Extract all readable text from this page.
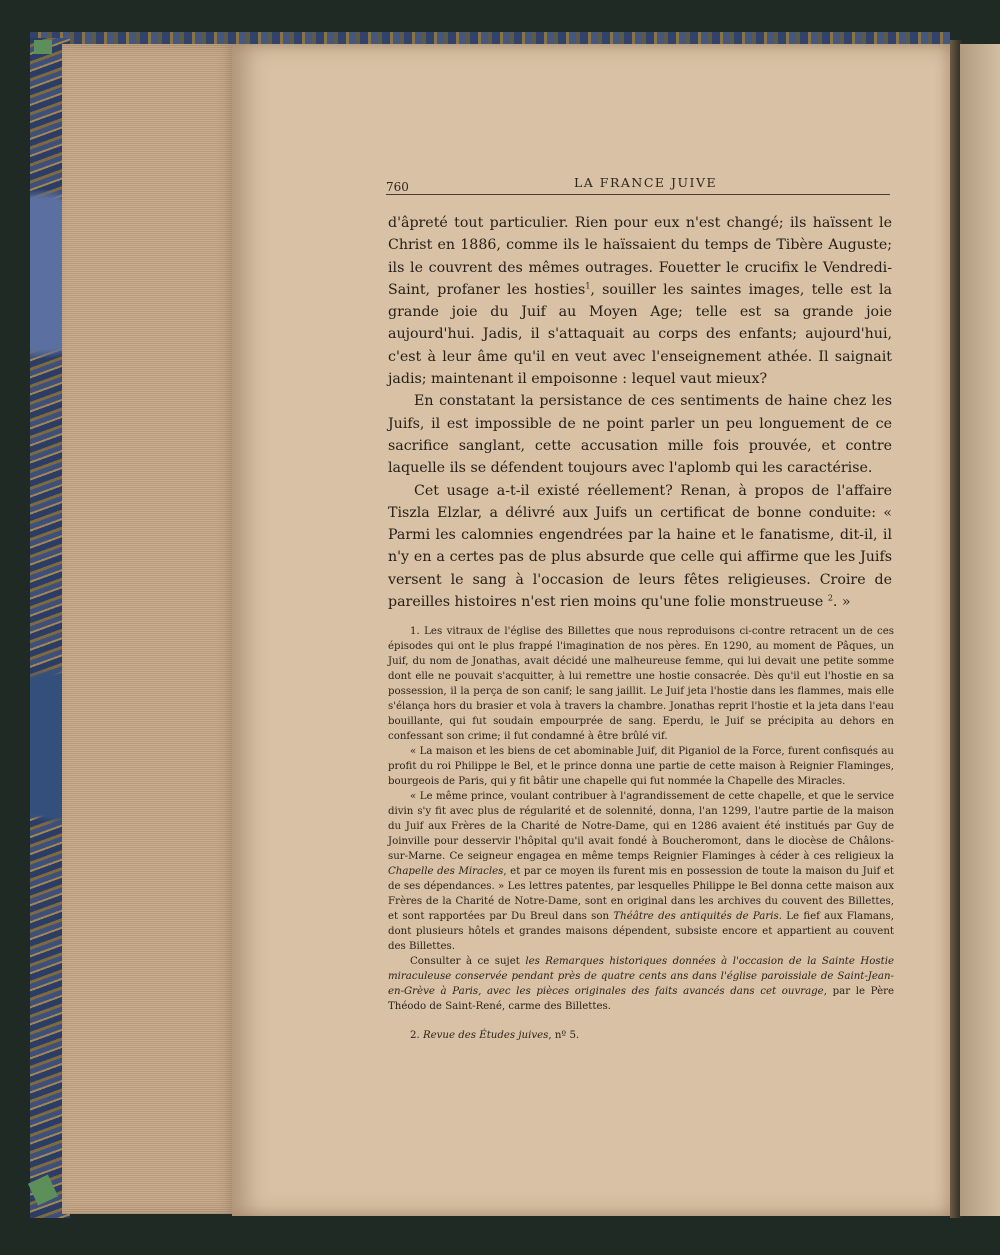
760	LA FRANCE JUIVE

d'âpreté tout particulier. Rien pour eux n'est changé; ils haïssent le Christ en 1886, comme ils le haïssaient du temps de Tibère Auguste; ils le couvrent des mêmes outrages. Fouetter le crucifix le Vendredi-Saint, profaner les hosties$^1$, souiller les saintes images, telle est la grande joie du Juif au Moyen Age; telle est sa grande joie aujourd'hui. Jadis, il s'attaquait au corps des enfants; aujourd'hui, c'est à leur âme qu'il en veut avec l'enseignement athée. Il saignait jadis; maintenant il empoisonne : lequel vaut mieux?

En constatant la persistance de ces sentiments de haine chez les Juifs, il est impossible de ne point parler un peu longuement de ce sacrifice sanglant, cette accusation mille fois prouvée, et contre laquelle ils se défendent toujours avec l'aplomb qui les caractérise.

Cet usage a-t-il existé réellement? Renan, à propos de l'affaire Tiszla Elzlar, a délivré aux Juifs un certificat de bonne conduite: « Parmi les calomnies engendrées par la haine et le fanatisme, dit-il, il n'y en a certes pas de plus absurde que celle qui affirme que les Juifs versent le sang à l'occasion de leurs fêtes religieuses. Croire de pareilles histoires n'est rien moins qu'une folie monstrueuse $^2$. »

1. Les vitraux de l'église des Billettes que nous reproduisons ci-contre retracent un de ces épisodes qui ont le plus frappé l'imagination de nos pères. En 1290, au moment de Pâques, un Juif, du nom de Jonathas, avait décidé une malheureuse femme, qui lui devait une petite somme dont elle ne pouvait s'acquitter, à lui remettre une hostie consacrée. Dès qu'il eut l'hostie en sa possession, il la perça de son canif; le sang jaillit. Le Juif jeta l'hostie dans les flammes, mais elle s'élança hors du brasier et vola à travers la chambre. Jonathas reprit l'hostie et la jeta dans l'eau bouillante, qui fut soudain empourprée de sang. Eperdu, le Juif se précipita au dehors en confessant son crime; il fut condamné à être brûlé vif.

« La maison et les biens de cet abominable Juif, dit Piganiol de la Force, furent confisqués au profit du roi Philippe le Bel, et le prince donna une partie de cette maison à Reignier Flaminges, bourgeois de Paris, qui y fit bâtir une chapelle qui fut nommée la Chapelle des Miracles.

« Le même prince, voulant contribuer à l'agrandissement de cette chapelle, et que le service divin s'y fit avec plus de régularité et de solennité, donna, l'an 1299, l'autre partie de la maison du Juif aux Frères de la Charité de Notre-Dame, qui en 1286 avaient été institués par Guy de Joinville pour desservir l'hôpital qu'il avait fondé à Boucheromont, dans le diocèse de Châlons-sur-Marne. Ce seigneur engagea en même temps Reignier Flaminges à céder à ces religieux la Chapelle des Miracles, et par ce moyen ils furent mis en possession de toute la maison du Juif et de ses dépendances. » Les lettres patentes, par lesquelles Philippe le Bel donna cette maison aux Frères de la Charité de Notre-Dame, sont en original dans les archives du couvent des Billettes, et sont rapportées par Du Breul dans son Théâtre des antiquités de Paris. Le fief aux Flamans, dont plusieurs hôtels et grandes maisons dépendent, subsiste encore et appartient au couvent des Billettes.

Consulter à ce sujet les Remarques historiques données à l'occasion de la Sainte Hostie miraculeuse conservée pendant près de quatre cents ans dans l'église paroissiale de Saint-Jean-en-Grève à Paris, avec les pièces originales des faits avancés dans cet ouvrage, par le Père Théodo de Saint-René, carme des Billettes.

2. Revue des Études juives, nº 5.
